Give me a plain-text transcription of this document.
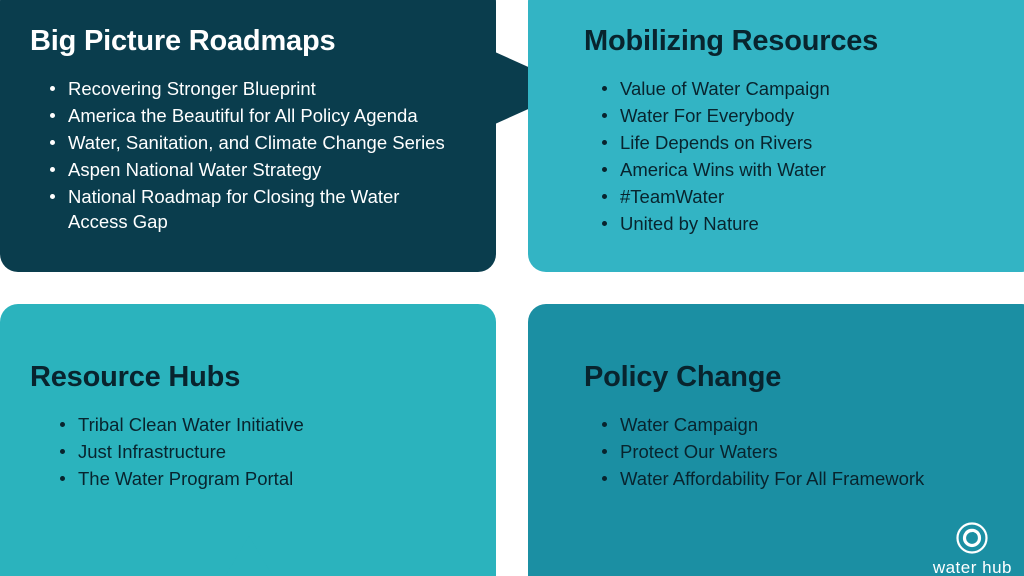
Big Picture Roadmaps
Recovering Stronger Blueprint
America the Beautiful for All Policy Agenda
Water, Sanitation, and Climate Change Series
Aspen National Water Strategy
National Roadmap for Closing the Water Access Gap
Mobilizing Resources
Value of Water Campaign
Water For Everybody
Life Depends on Rivers
America Wins with Water
#TeamWater
United by Nature
Resource Hubs
Tribal Clean Water Initiative
Just Infrastructure
The Water Program Portal
Policy Change
Water Campaign
Protect Our Waters
Water Affordability For All Framework
water hub
